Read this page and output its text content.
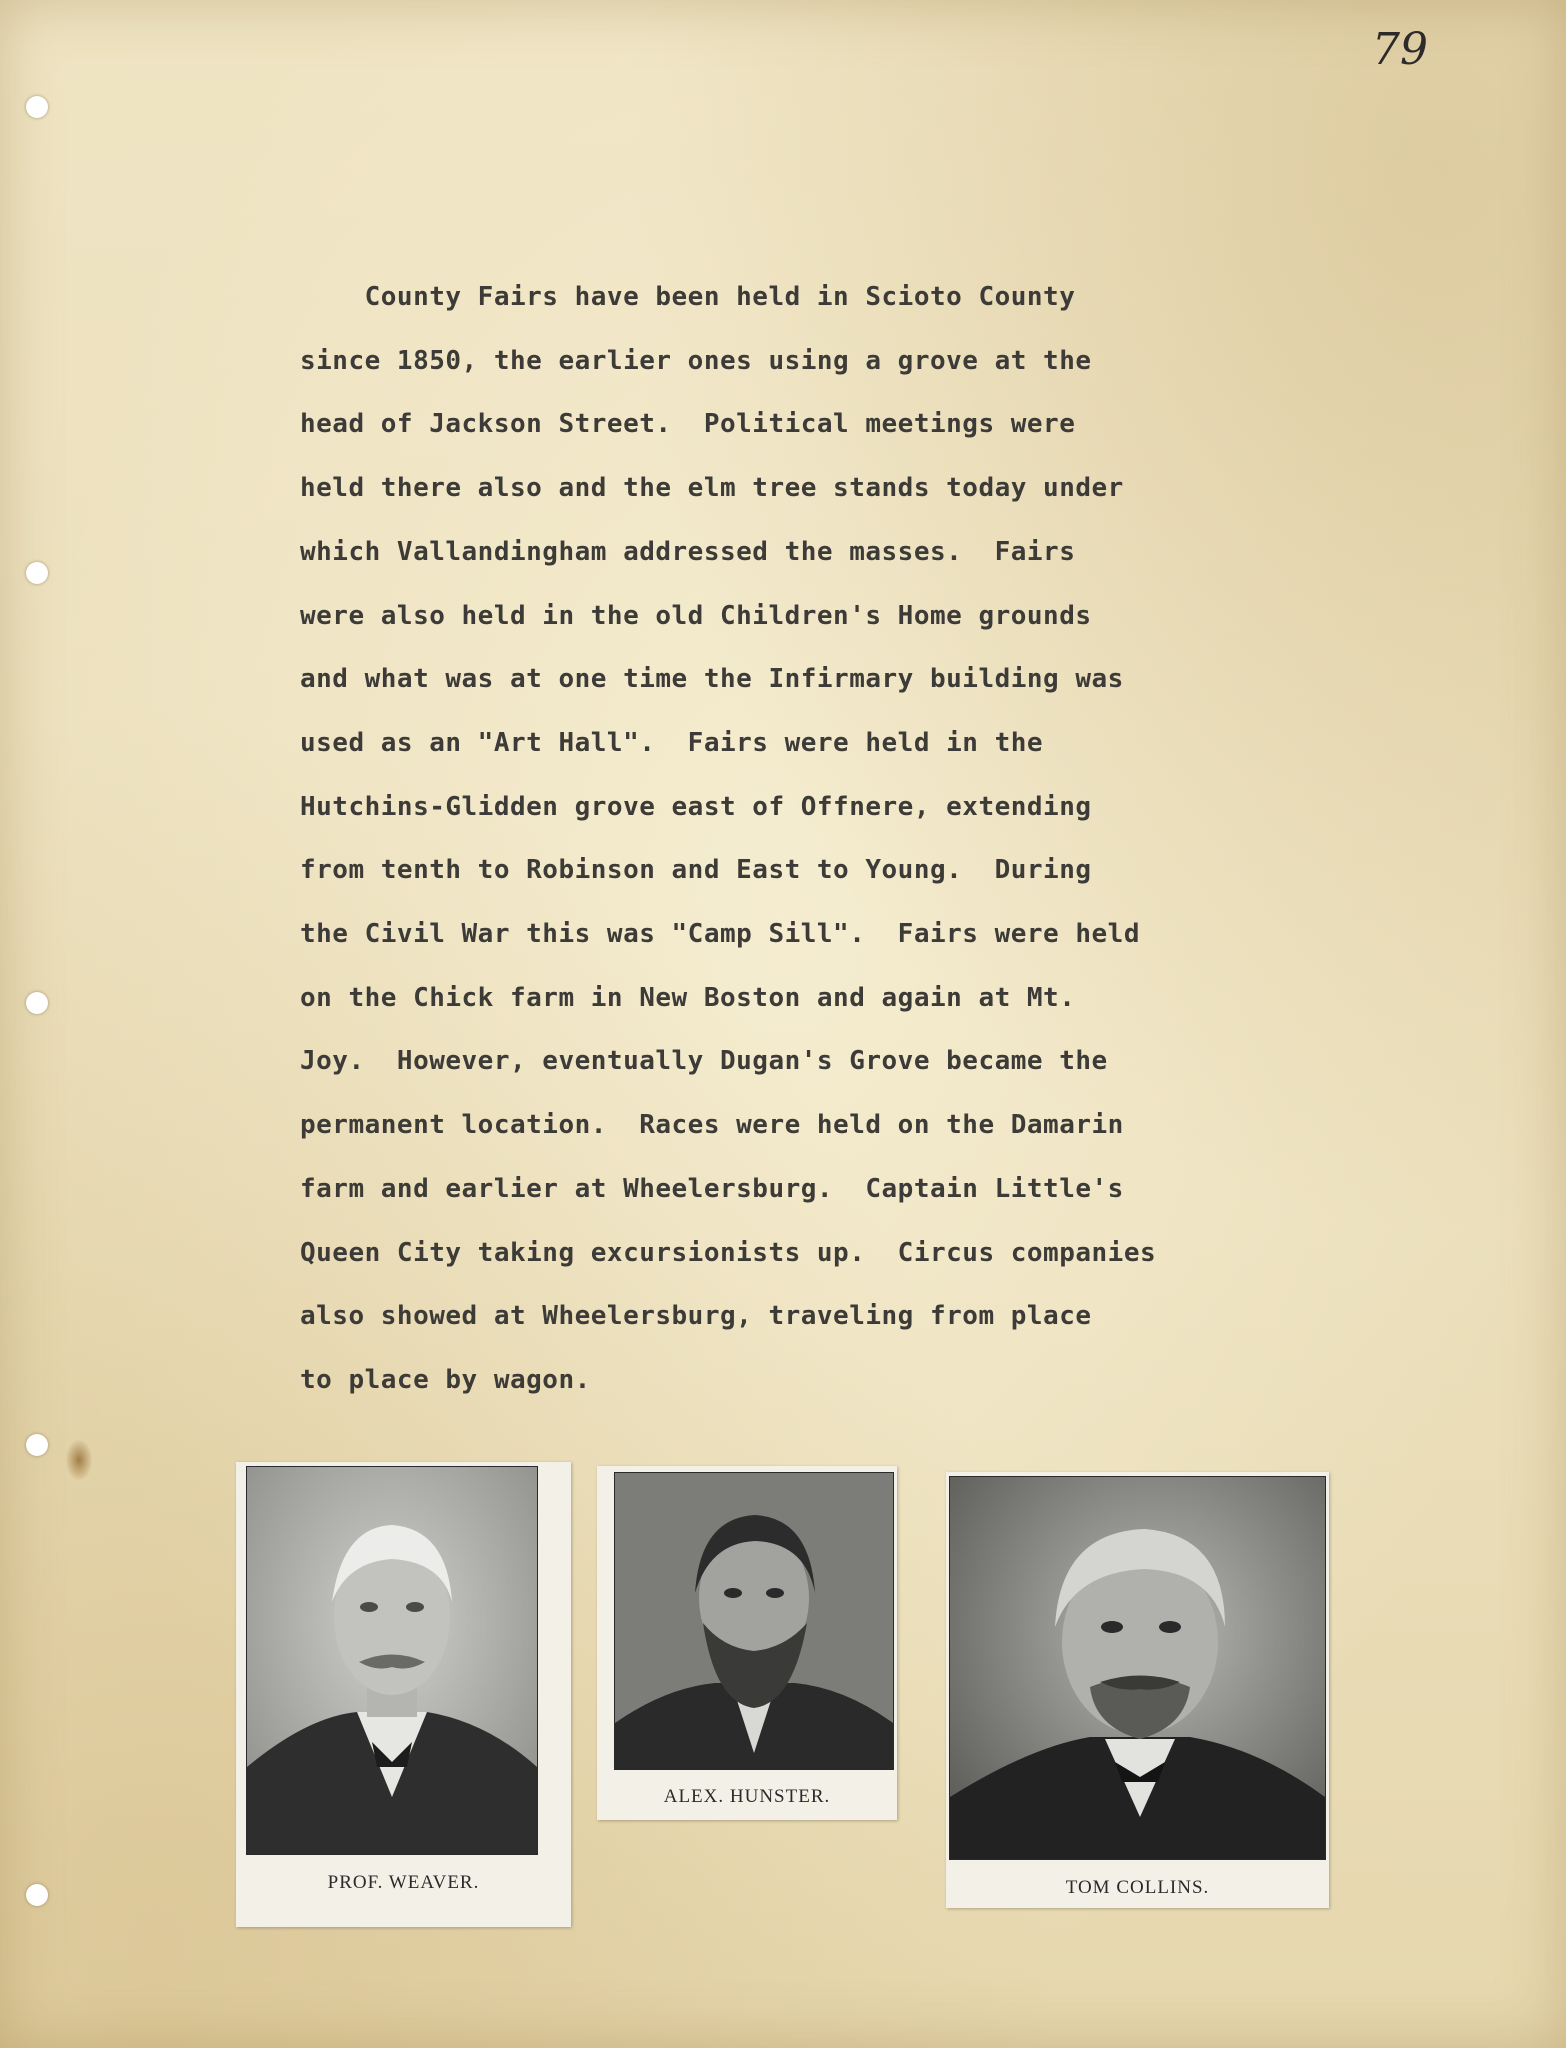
79

County Fairs have been held in Scioto County
since 1850, the earlier ones using a grove at the
head of Jackson Street.  Political meetings were
held there also and the elm tree stands today under
which Vallandingham addressed the masses.  Fairs
were also held in the old Children's Home grounds
and what was at one time the Infirmary building was
used as an "Art Hall".  Fairs were held in the
Hutchins-Glidden grove east of Offnere, extending
from tenth to Robinson and East to Young.  During
the Civil War this was "Camp Sill".  Fairs were held
on the Chick farm in New Boston and again at Mt.
Joy.  However, eventually Dugan's Grove became the
permanent location.  Races were held on the Damarin
farm and earlier at Wheelersburg.  Captain Little's
Queen City taking excursionists up.  Circus companies
also showed at Wheelersburg, traveling from place
to place by wagon.

PROF. WEAVER.
ALEX. HUNSTER.
TOM COLLINS.
